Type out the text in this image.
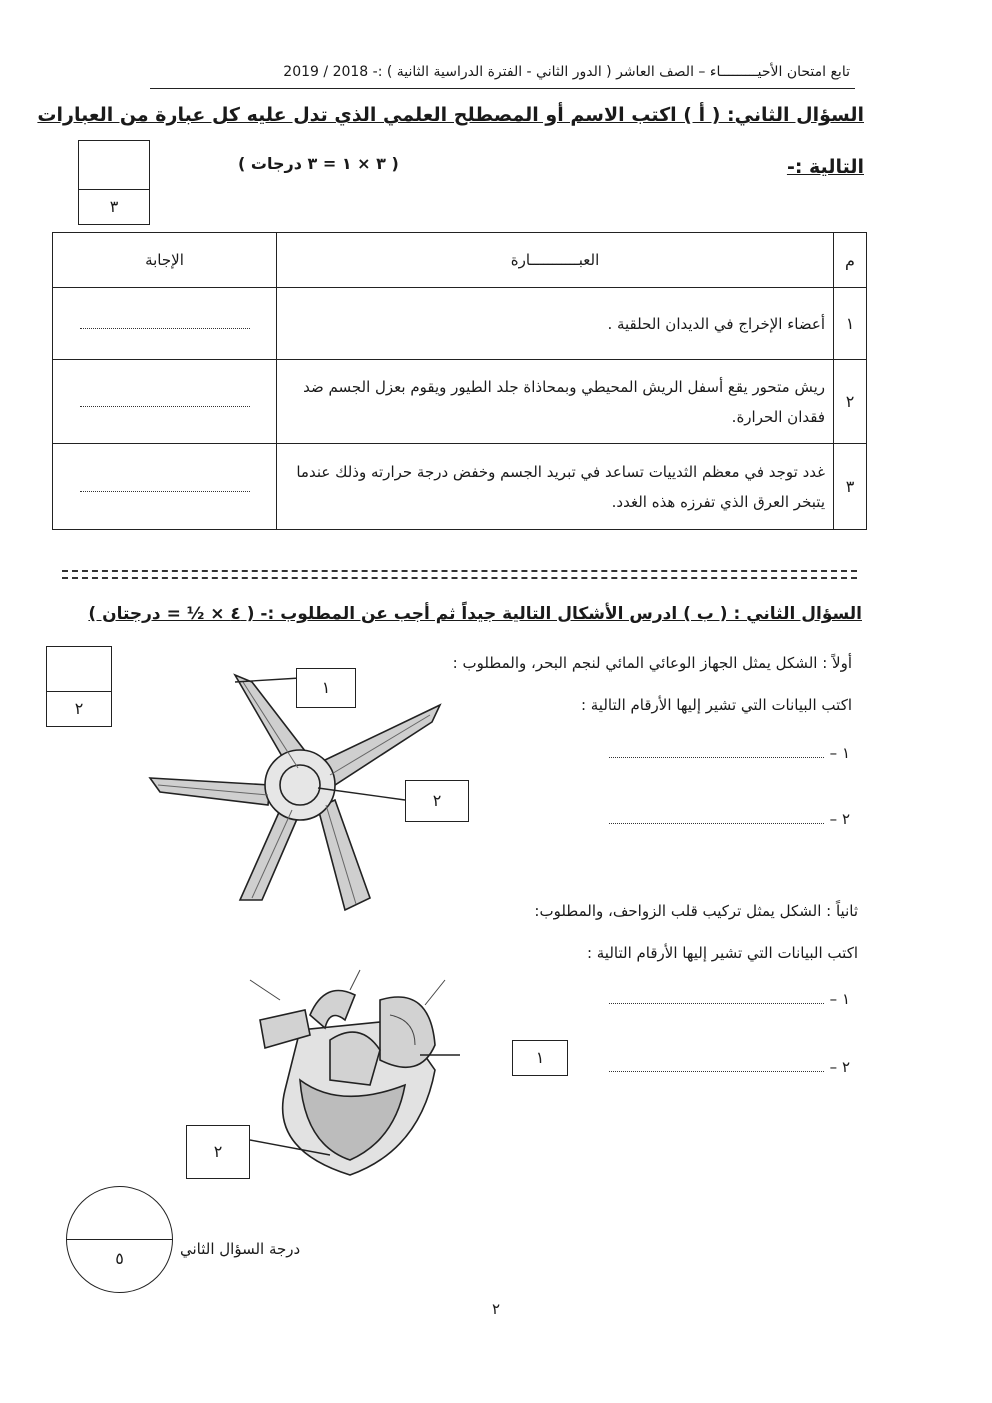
تابع امتحان الأحيـــــــــاء – الصف العاشر ( الدور الثاني - الفترة الدراسية الثانية ) :- 2018 / 2019
السؤال الثاني: ( أ ) اكتب الاسم أو المصطلح العلمي الذي تدل عليه كل عبارة من العبارات
التالية :-
( ٣ × ١ = ٣ درجات )
٣
م	العبـــــــــــارة	الإجابة
١	أعضاء الإخراج في الديدان الحلقية .	
٢	ريش متحور يقع أسفل الريش المحيطي وبمحاذاة جلد الطيور ويقوم بعزل الجسم ضد فقدان الحرارة.	
٣	غدد توجد في معظم الثدييات تساعد في تبريد الجسم وخفض درجة حرارته وذلك عندما يتبخر العرق الذي تفرزه هذه الغدد.	
السؤال الثاني : ( ب ) ادرس الأشكال التالية جيداً ثم أجب عن المطلوب :- ( ٤ × ½ = درجتان )
٢
أولاً : الشكل يمثل الجهاز الوعائي المائي لنجم البحر، والمطلوب :
اكتب البيانات التي تشير إليها الأرقام التالية :
١ –
٢ –
١
٢
ثانياً : الشكل يمثل تركيب قلب الزواحف، والمطلوب:
اكتب البيانات التي تشير إليها الأرقام التالية :
١ –
٢ –
١
٢
٥	درجة السؤال الثاني
٢
